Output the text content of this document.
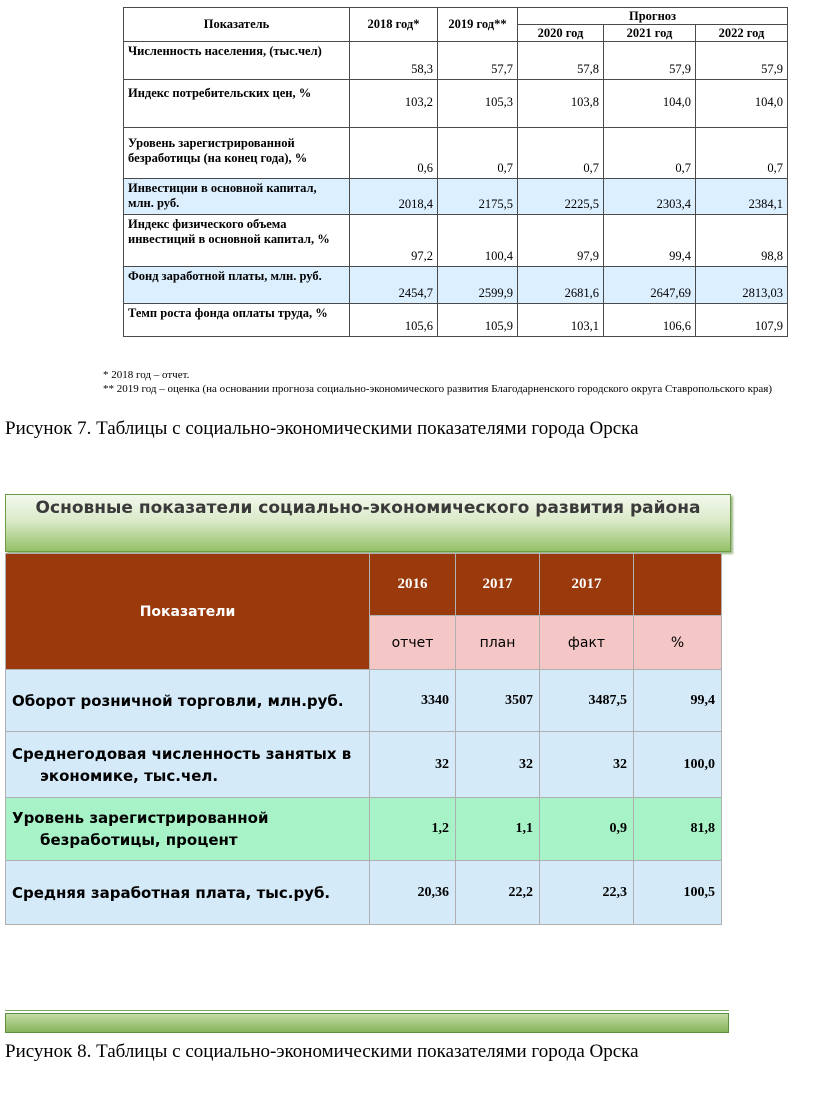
Показатель	2018 год*	2019 год**	Прогноз		
			2020 год	2021 год	2022 год
Численность населения, (тыс.чел)	58,3	57,7	57,8	57,9	57,9
Индекс потребительских цен, %	103,2	105,3	103,8	104,0	104,0
Уровень зарегистрированной безработицы (на конец года), %	0,6	0,7	0,7	0,7	0,7
Инвестиции в основной капитал, млн. руб.	2018,4	2175,5	2225,5	2303,4	2384,1
Индекс физического объема инвестиций в основной капитал, %	97,2	100,4	97,9	99,4	98,8
Фонд заработной платы, млн. руб.	2454,7	2599,9	2681,6	2647,69	2813,03
Темп роста фонда оплаты труда, %	105,6	105,9	103,1	106,6	107,9
* 2018 год – отчет.
** 2019 год – оценка (на основании прогноза социально-экономического развития Благодарненского городского округа Ставропольского края)
Рисунок 7. Таблицы с социально-экономическими показателями города Орска
Основные показатели социально-экономического развития района
Показатели	2016	2017	2017	
	отчет	план	факт	%
Оборот розничной торговли, млн.руб.	3340	3507	3487,5	99,4

Среднегодовая численность занятых в экономике, тыс.чел.	32	32	32	100,0

Уровень зарегистрированной безработицы, процент	1,2	1,1	0,9	81,8
Средняя заработная плата, тыс.руб.	20,36	22,2	22,3	100,5
Рисунок 8. Таблицы с социально-экономическими показателями города Орска
